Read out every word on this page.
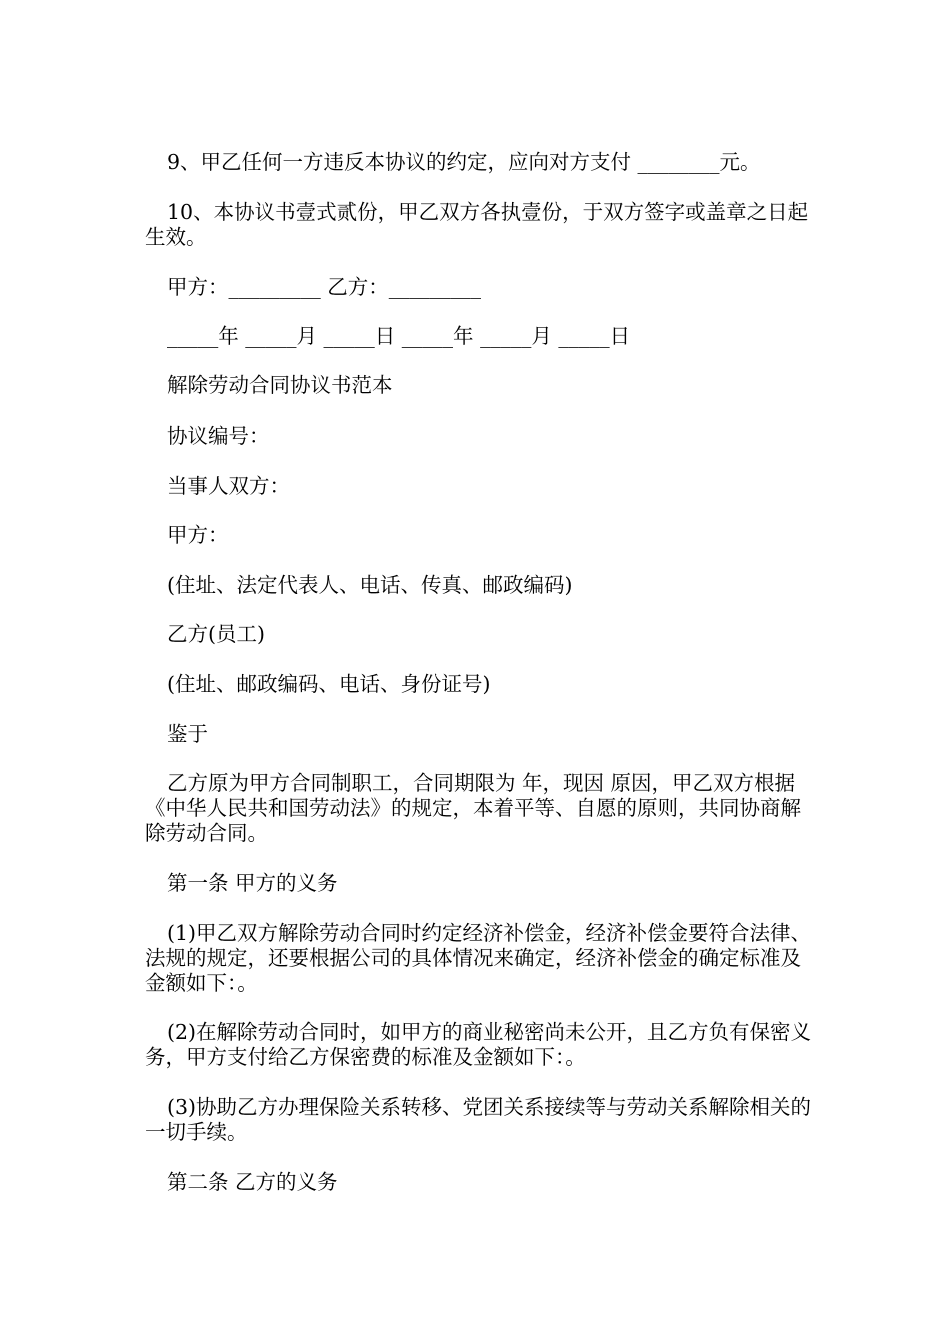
9、甲乙任何一方违反本协议的约定，应向对方支付 ________元。

10、本协议书壹式贰份，甲乙双方各执壹份，于双方签字或盖章之日起生效。

甲方：_________ 乙方：_________

_____年 _____月 _____日 _____年 _____月 _____日

解除劳动合同协议书范本

协议编号：

当事人双方：

甲方：

(住址、法定代表人、电话、传真、邮政编码)

乙方(员工)

(住址、邮政编码、电话、身份证号)

鉴于

乙方原为甲方合同制职工，合同期限为 年，现因 原因，甲乙双方根据《中华人民共和国劳动法》的规定，本着平等、自愿的原则，共同协商解除劳动合同。

第一条 甲方的义务

(1)甲乙双方解除劳动合同时约定经济补偿金，经济补偿金要符合法律、法规的规定，还要根据公司的具体情况来确定，经济补偿金的确定标准及金额如下：。

(2)在解除劳动合同时，如甲方的商业秘密尚未公开，且乙方负有保密义务，甲方支付给乙方保密费的标准及金额如下：。

(3)协助乙方办理保险关系转移、党团关系接续等与劳动关系解除相关的一切手续。

第二条 乙方的义务
